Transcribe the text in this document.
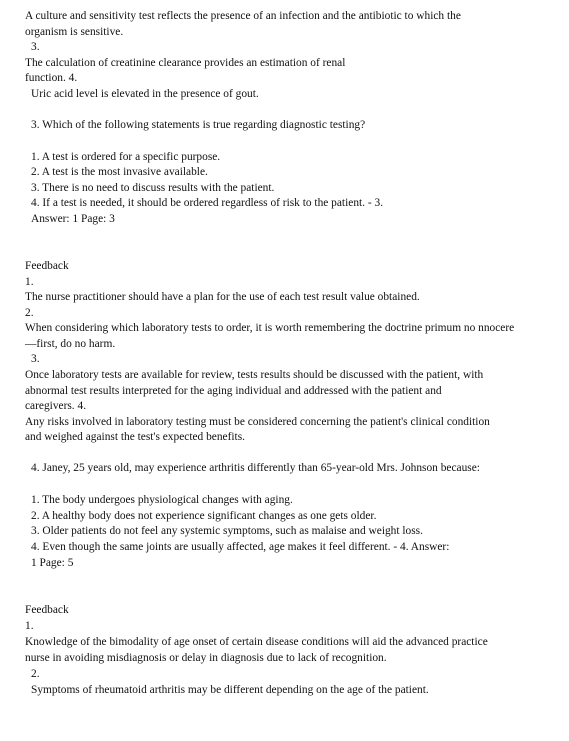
A culture and sensitivity test reflects the presence of an infection and the antibiotic to which the
organism is sensitive.
3.
The calculation of creatinine clearance provides an estimation of renal
function. 4.
Uric acid level is elevated in the presence of gout.
3. Which of the following statements is true regarding diagnostic testing?
1. A test is ordered for a specific purpose.
2. A test is the most invasive available.
3. There is no need to discuss results with the patient.
4. If a test is needed, it should be ordered regardless of risk to the patient. - 3.
Answer: 1 Page: 3
Feedback
1.
The nurse practitioner should have a plan for the use of each test result value obtained.
2.
When considering which laboratory tests to order, it is worth remembering the doctrine primum no nnocere
—first, do no harm.
3.
Once laboratory tests are available for review, tests results should be discussed with the patient, with
abnormal test results interpreted for the aging individual and addressed with the patient and
caregivers. 4.
Any risks involved in laboratory testing must be considered concerning the patient's clinical condition
and weighed against the test's expected benefits.
4. Janey, 25 years old, may experience arthritis differently than 65-year-old Mrs. Johnson because:
1. The body undergoes physiological changes with aging.
2. A healthy body does not experience significant changes as one gets older.
3. Older patients do not feel any systemic symptoms, such as malaise and weight loss.
4. Even though the same joints are usually affected, age makes it feel different. - 4. Answer:
1 Page: 5
Feedback
1.
Knowledge of the bimodality of age onset of certain disease conditions will aid the advanced practice
nurse in avoiding misdiagnosis or delay in diagnosis due to lack of recognition.
2.
Symptoms of rheumatoid arthritis may be different depending on the age of the patient.
